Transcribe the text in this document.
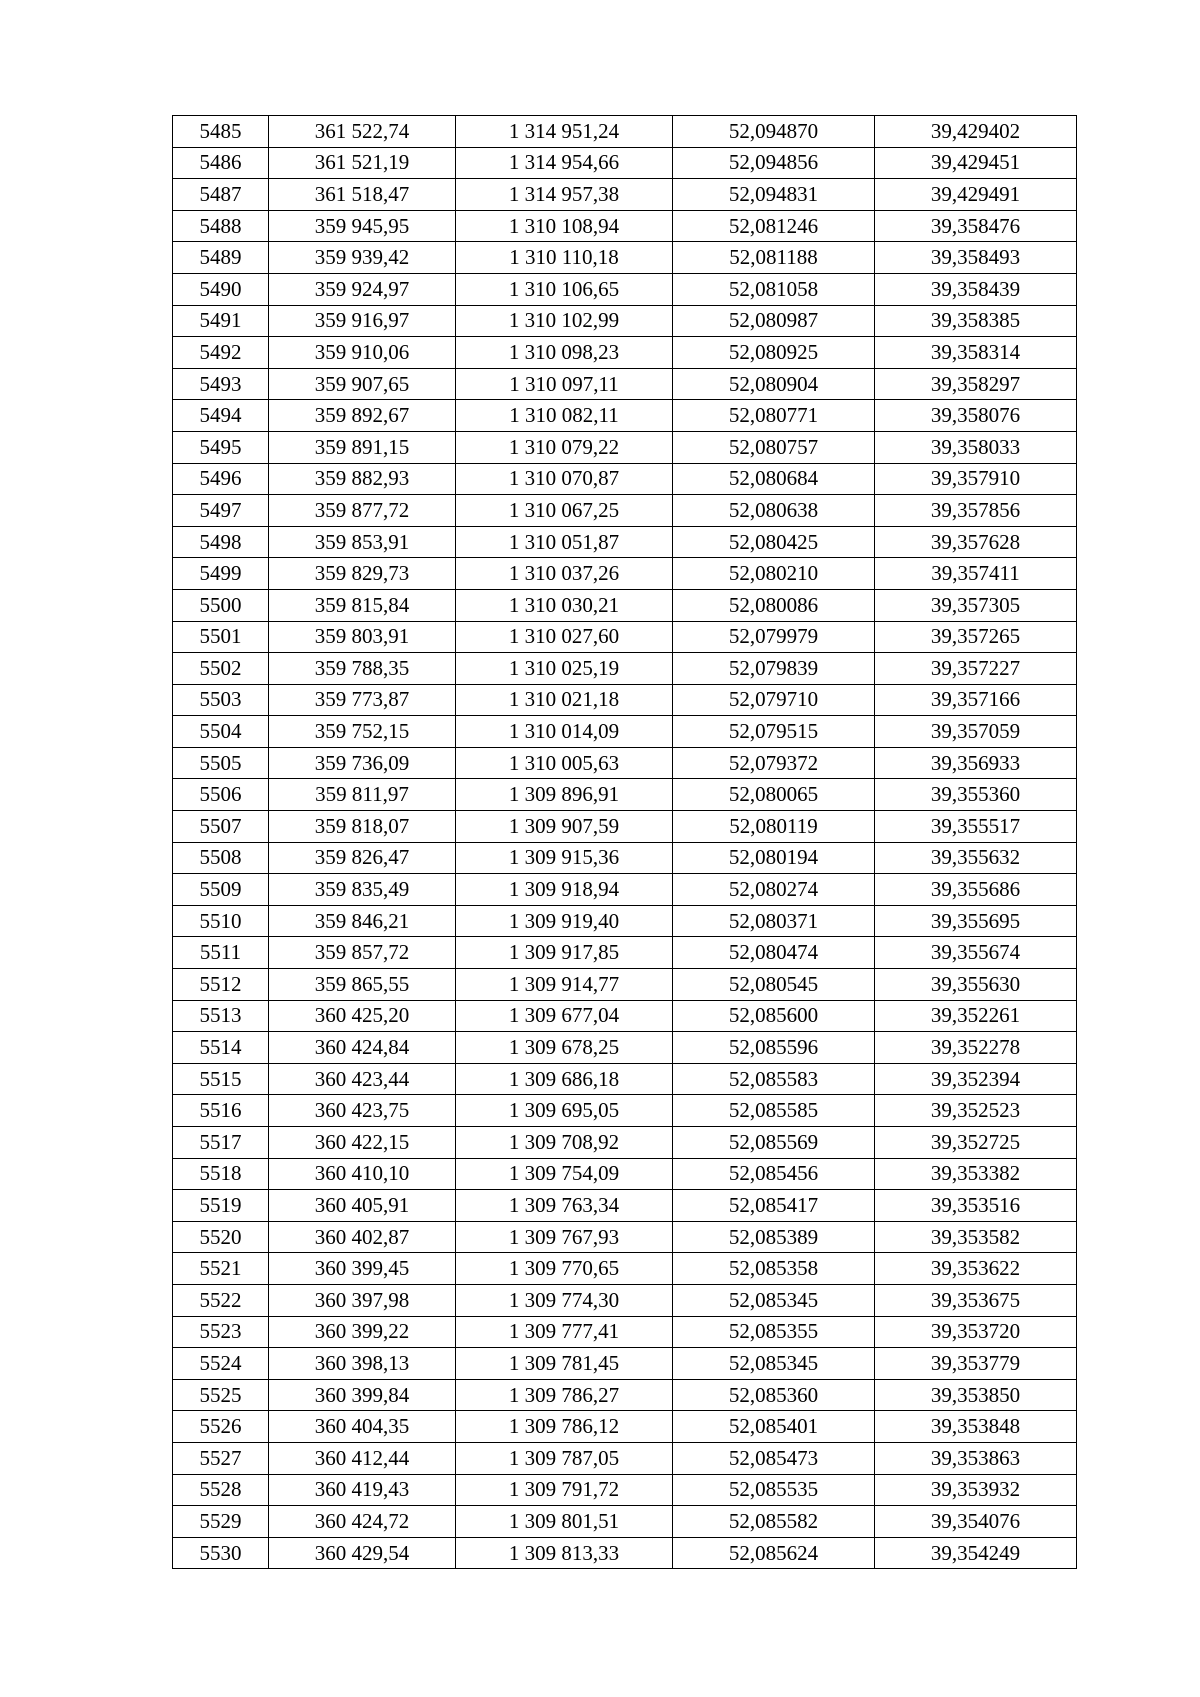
5485	361 522,74	1 314 951,24	52,094870	39,429402
5486	361 521,19	1 314 954,66	52,094856	39,429451
5487	361 518,47	1 314 957,38	52,094831	39,429491
5488	359 945,95	1 310 108,94	52,081246	39,358476
5489	359 939,42	1 310 110,18	52,081188	39,358493
5490	359 924,97	1 310 106,65	52,081058	39,358439
5491	359 916,97	1 310 102,99	52,080987	39,358385
5492	359 910,06	1 310 098,23	52,080925	39,358314
5493	359 907,65	1 310 097,11	52,080904	39,358297
5494	359 892,67	1 310 082,11	52,080771	39,358076
5495	359 891,15	1 310 079,22	52,080757	39,358033
5496	359 882,93	1 310 070,87	52,080684	39,357910
5497	359 877,72	1 310 067,25	52,080638	39,357856
5498	359 853,91	1 310 051,87	52,080425	39,357628
5499	359 829,73	1 310 037,26	52,080210	39,357411
5500	359 815,84	1 310 030,21	52,080086	39,357305
5501	359 803,91	1 310 027,60	52,079979	39,357265
5502	359 788,35	1 310 025,19	52,079839	39,357227
5503	359 773,87	1 310 021,18	52,079710	39,357166
5504	359 752,15	1 310 014,09	52,079515	39,357059
5505	359 736,09	1 310 005,63	52,079372	39,356933
5506	359 811,97	1 309 896,91	52,080065	39,355360
5507	359 818,07	1 309 907,59	52,080119	39,355517
5508	359 826,47	1 309 915,36	52,080194	39,355632
5509	359 835,49	1 309 918,94	52,080274	39,355686
5510	359 846,21	1 309 919,40	52,080371	39,355695
5511	359 857,72	1 309 917,85	52,080474	39,355674
5512	359 865,55	1 309 914,77	52,080545	39,355630
5513	360 425,20	1 309 677,04	52,085600	39,352261
5514	360 424,84	1 309 678,25	52,085596	39,352278
5515	360 423,44	1 309 686,18	52,085583	39,352394
5516	360 423,75	1 309 695,05	52,085585	39,352523
5517	360 422,15	1 309 708,92	52,085569	39,352725
5518	360 410,10	1 309 754,09	52,085456	39,353382
5519	360 405,91	1 309 763,34	52,085417	39,353516
5520	360 402,87	1 309 767,93	52,085389	39,353582
5521	360 399,45	1 309 770,65	52,085358	39,353622
5522	360 397,98	1 309 774,30	52,085345	39,353675
5523	360 399,22	1 309 777,41	52,085355	39,353720
5524	360 398,13	1 309 781,45	52,085345	39,353779
5525	360 399,84	1 309 786,27	52,085360	39,353850
5526	360 404,35	1 309 786,12	52,085401	39,353848
5527	360 412,44	1 309 787,05	52,085473	39,353863
5528	360 419,43	1 309 791,72	52,085535	39,353932
5529	360 424,72	1 309 801,51	52,085582	39,354076
5530	360 429,54	1 309 813,33	52,085624	39,354249
